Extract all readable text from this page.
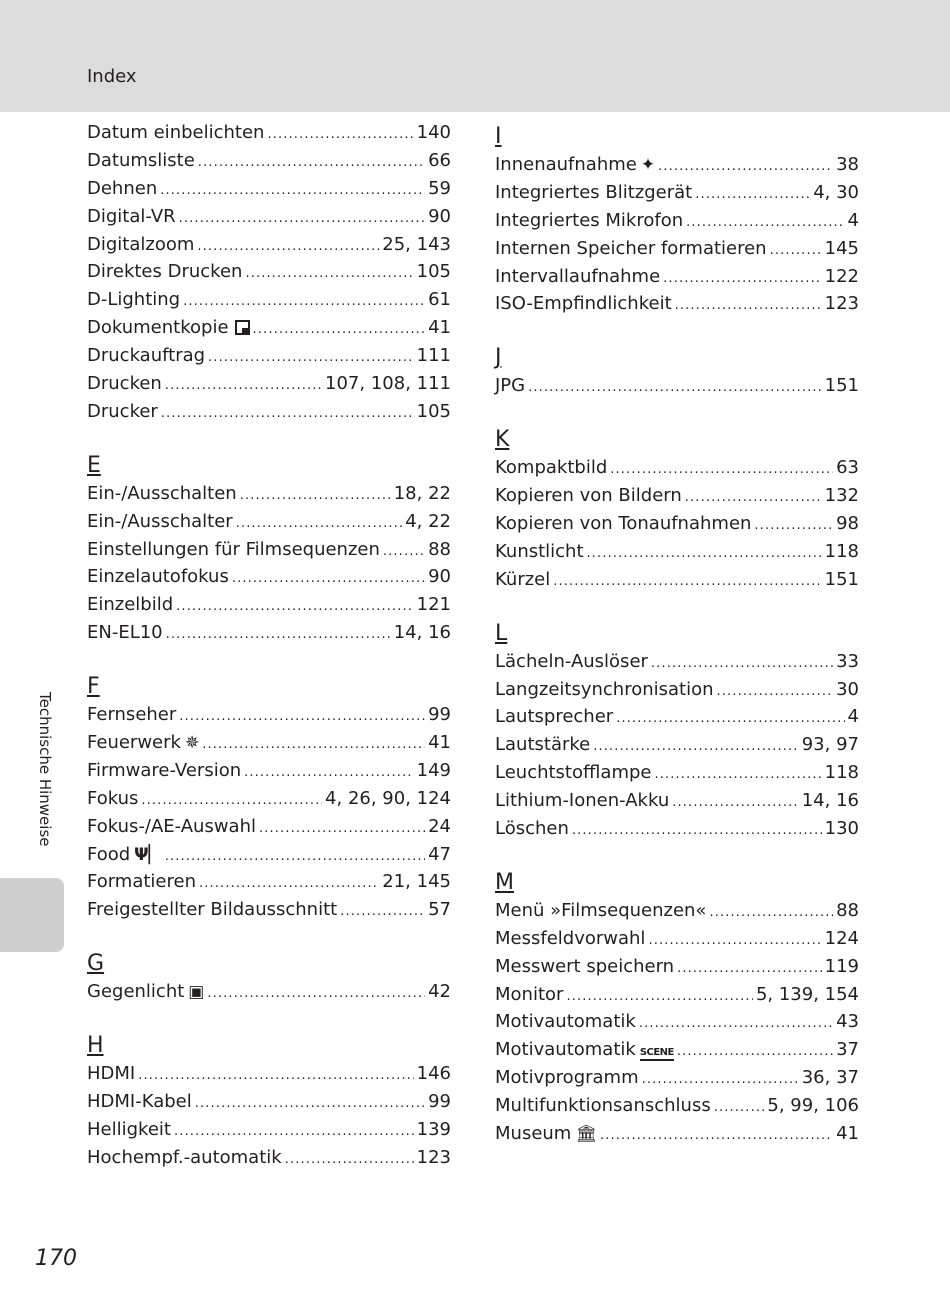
Index
Datum einbelichten . . .	140
Datumsliste . . .	66
Dehnen . . .	59
Digital-VR . . .	90
Digitalzoom . . .	25, 143
Direktes Drucken . . .	105
D-Lighting . . .	61
Dokumentkopie . . .	41
Druckauftrag . . .	111
Drucken . . .	107, 108, 111
Drucker . . .	105
E
Ein-/Ausschalten . . .	18, 22
Ein-/Ausschalter . . .	4, 22
Einstellungen für Filmsequenzen . . .	88
Einzelautofokus . . .	90
Einzelbild . . .	121
EN-EL10 . . .	14, 16
F
Fernseher . . .	99
Feuerwerk ✵ . . .	41
Firmware-Version . . .	149
Fokus . . .	4, 26, 90, 124
Fokus-/AE-Auswahl . . .	24
Food Ψ▏ . . .	47
Formatieren . . .	21, 145
Freigestellter Bildausschnitt . . .	57
G
Gegenlicht ▣ . . .	42
H
HDMI . . .	146
HDMI-Kabel . . .	99
Helligkeit . . .	139
Hochempf.-automatik . . .	123
I
Innenaufnahme ✦ . . .	38
Integriertes Blitzgerät . . .	4, 30
Integriertes Mikrofon . . .	4
Internen Speicher formatieren . . .	145
Intervallaufnahme . . .	122
ISO-Empfindlichkeit . . .	123
J
JPG . . .	151
K
Kompaktbild . . .	63
Kopieren von Bildern . . .	132
Kopieren von Tonaufnahmen . . .	98
Kunstlicht . . .	118
Kürzel . . .	151
L
Lächeln-Auslöser . . .	33
Langzeitsynchronisation . . .	30
Lautsprecher . . .	4
Lautstärke . . .	93, 97
Leuchtstofflampe . . .	118
Lithium-Ionen-Akku . . .	14, 16
Löschen . . .	130
M
Menü »Filmsequenzen« . . .	88
Messfeldvorwahl . . .	124
Messwert speichern . . .	119
Monitor . . .	5, 139, 154
Motivautomatik . . .	43
Motivautomatik SCENE . . .	37
Motivprogramm . . .	36, 37
Multifunktionsanschluss . . .	5, 99, 106
Museum 🏛 . . .	41
Technische Hinweise
170
